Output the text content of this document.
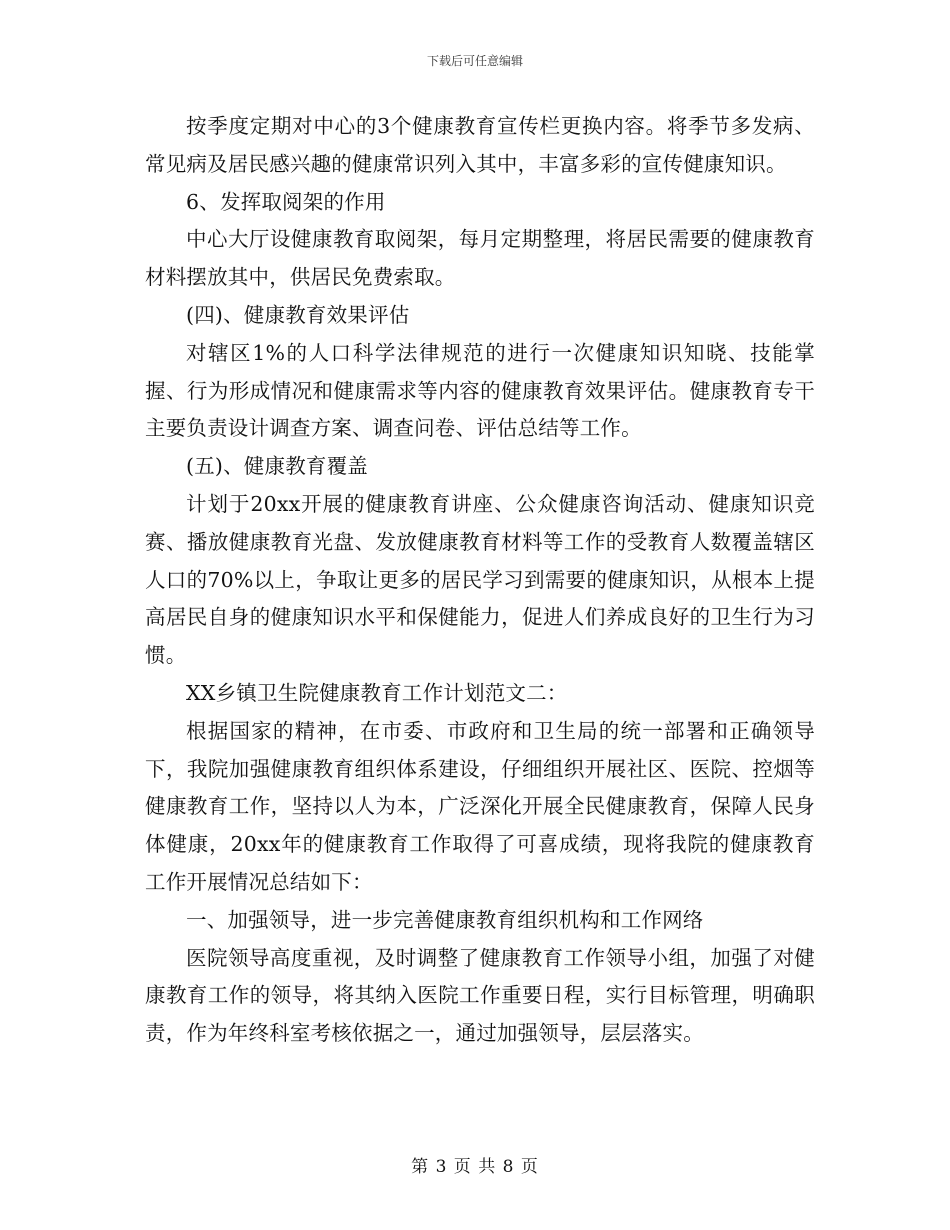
下载后可任意编辑

按季度定期对中心的3个健康教育宣传栏更换内容。将季节多发病、常见病及居民感兴趣的健康常识列入其中，丰富多彩的宣传健康知识。

6、发挥取阅架的作用

中心大厅设健康教育取阅架，每月定期整理，将居民需要的健康教育材料摆放其中，供居民免费索取。

(四)、健康教育效果评估

对辖区1%的人口科学法律规范的进行一次健康知识知晓、技能掌握、行为形成情况和健康需求等内容的健康教育效果评估。健康教育专干主要负责设计调查方案、调查问卷、评估总结等工作。

(五)、健康教育覆盖

计划于20xx开展的健康教育讲座、公众健康咨询活动、健康知识竞赛、播放健康教育光盘、发放健康教育材料等工作的受教育人数覆盖辖区人口的70%以上，争取让更多的居民学习到需要的健康知识，从根本上提高居民自身的健康知识水平和保健能力，促进人们养成良好的卫生行为习惯。

XX乡镇卫生院健康教育工作计划范文二：

根据国家的精神，在市委、市政府和卫生局的统一部署和正确领导下，我院加强健康教育组织体系建设，仔细组织开展社区、医院、控烟等健康教育工作，坚持以人为本，广泛深化开展全民健康教育，保障人民身体健康，20xx年的健康教育工作取得了可喜成绩，现将我院的健康教育工作开展情况总结如下：

一、加强领导，进一步完善健康教育组织机构和工作网络

医院领导高度重视，及时调整了健康教育工作领导小组，加强了对健康教育工作的领导，将其纳入医院工作重要日程，实行目标管理，明确职责，作为年终科室考核依据之一，通过加强领导，层层落实。

第 3 页 共 8 页
